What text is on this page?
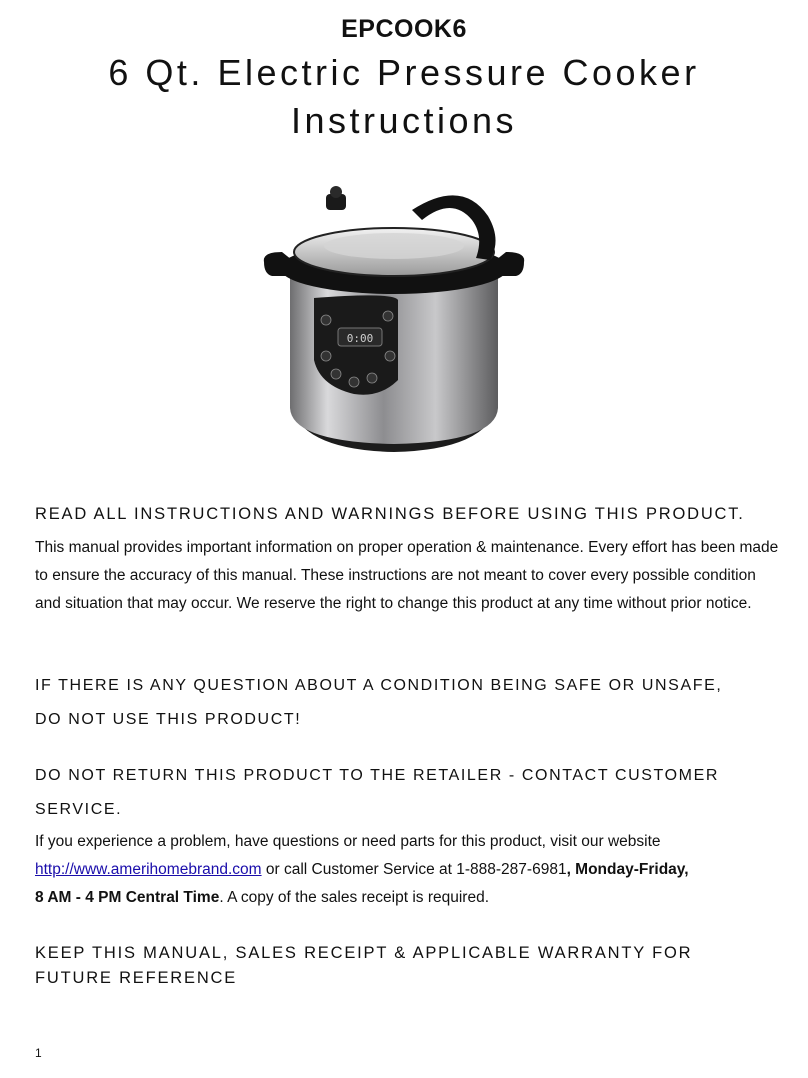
EPCOOK6
6 Qt. Electric Pressure Cooker
Instructions
0:00
READ ALL INSTRUCTIONS AND WARNINGS BEFORE USING THIS PRODUCT.

This manual provides important information on proper operation & maintenance. Every effort has been made to ensure the accuracy of this manual. These instructions are not meant to cover every possible condition and situation that may occur. We reserve the right to change this product at any time without prior notice.

IF THERE IS ANY QUESTION ABOUT A CONDITION BEING SAFE OR UNSAFE,
DO NOT USE THIS PRODUCT!
DO NOT RETURN THIS PRODUCT TO THE RETAILER - CONTACT CUSTOMER
SERVICE.

If you experience a problem, have questions or need parts for this product, visit our website
http://www.amerihomebrand.com or call Customer Service at 1-888-287-6981, Monday-Friday,
8 AM - 4 PM Central Time. A copy of the sales receipt is required.

KEEP THIS MANUAL, SALES RECEIPT & APPLICABLE WARRANTY FOR
FUTURE REFERENCE
1
